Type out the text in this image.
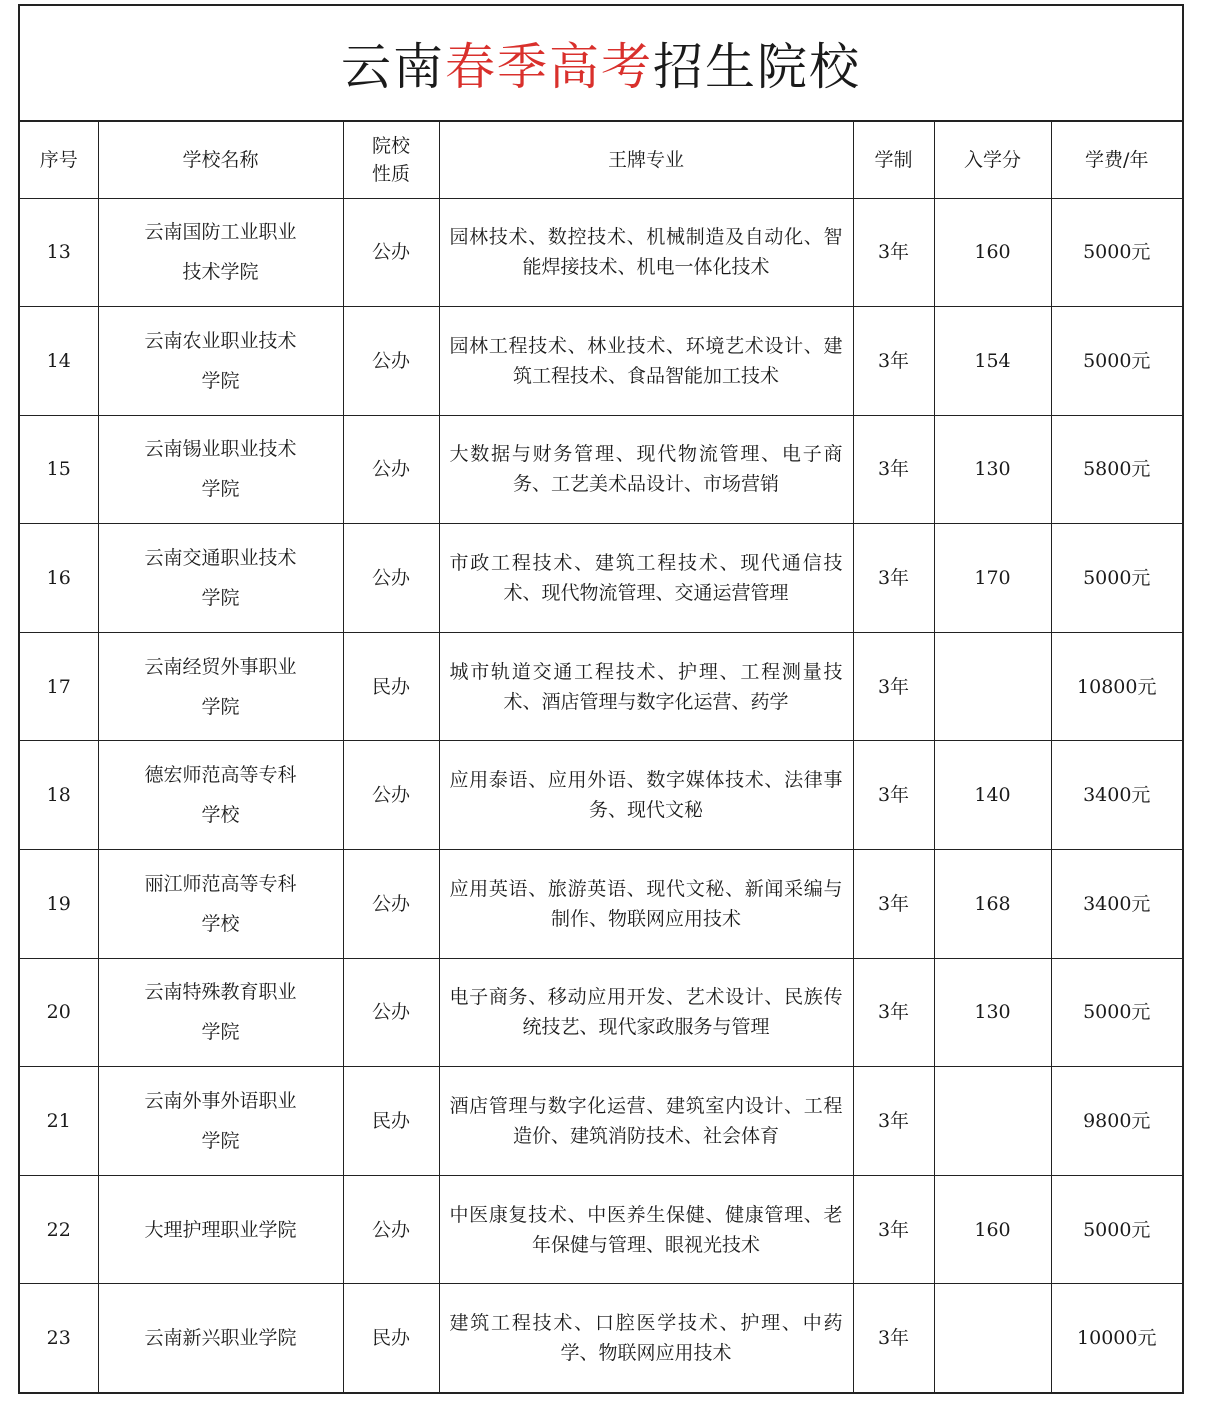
云南 春季高考 招生院校
序号	学校名称	院校性质	王牌专业	学制	入学分	学费/年
13	云南国防工业职业技术学院	公办	园林技术、数控技术、机械制造及自动化、智能焊接技术、机电一体化技术	3年	160	5000元
14	云南农业职业技术学院	公办	园林工程技术、林业技术、环境艺术设计、建筑工程技术、食品智能加工技术	3年	154	5000元
15	云南锡业职业技术学院	公办	大数据与财务管理、现代物流管理、电子商务、工艺美术品设计、市场营销	3年	130	5800元
16	云南交通职业技术学院	公办	市政工程技术、建筑工程技术、现代通信技术、现代物流管理、交通运营管理	3年	170	5000元
17	云南经贸外事职业学院	民办	城市轨道交通工程技术、护理、工程测量技术、酒店管理与数字化运营、药学	3年		10800元
18	德宏师范高等专科学校	公办	应用泰语、应用外语、数字媒体技术、法律事务、现代文秘	3年	140	3400元
19	丽江师范高等专科学校	公办	应用英语、旅游英语、现代文秘、新闻采编与制作、物联网应用技术	3年	168	3400元
20	云南特殊教育职业学院	公办	电子商务、移动应用开发、艺术设计、民族传统技艺、现代家政服务与管理	3年	130	5000元
21	云南外事外语职业学院	民办	酒店管理与数字化运营、建筑室内设计、工程造价、建筑消防技术、社会体育	3年		9800元
22	大理护理职业学院	公办	中医康复技术、中医养生保健、健康管理、老年保健与管理、眼视光技术	3年	160	5000元
23	云南新兴职业学院	民办	建筑工程技术、口腔医学技术、护理、中药学、物联网应用技术	3年		10000元
